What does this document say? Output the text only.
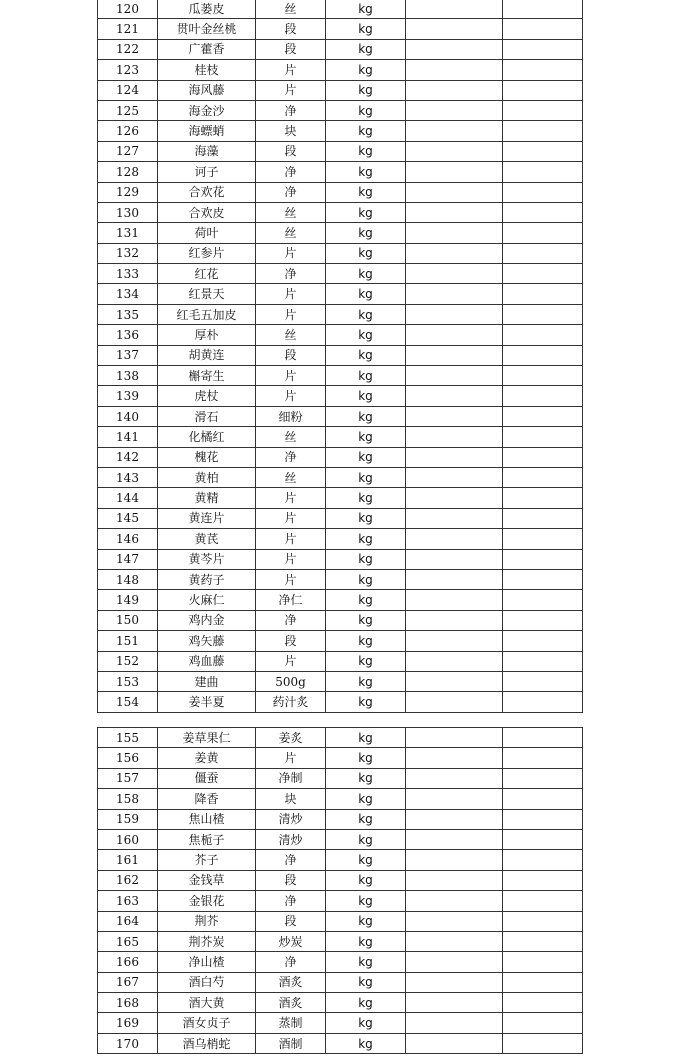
120	瓜蒌皮	丝	kg		
121	贯叶金丝桃	段	kg		
122	广藿香	段	kg		
123	桂枝	片	kg		
124	海风藤	片	kg		
125	海金沙	净	kg		
126	海螵蛸	块	kg		
127	海藻	段	kg		
128	诃子	净	kg		
129	合欢花	净	kg		
130	合欢皮	丝	kg		
131	荷叶	丝	kg		
132	红参片	片	kg		
133	红花	净	kg		
134	红景天	片	kg		
135	红毛五加皮	片	kg		
136	厚朴	丝	kg		
137	胡黄连	段	kg		
138	槲寄生	片	kg		
139	虎杖	片	kg		
140	滑石	细粉	kg		
141	化橘红	丝	kg		
142	槐花	净	kg		
143	黄柏	丝	kg		
144	黄精	片	kg		
145	黄连片	片	kg		
146	黄芪	片	kg		
147	黄芩片	片	kg		
148	黄药子	片	kg		
149	火麻仁	净仁	kg		
150	鸡内金	净	kg		
151	鸡矢藤	段	kg		
152	鸡血藤	片	kg		
153	建曲	500g	kg		
154	姜半夏	药汁炙	kg		
155	姜草果仁	姜炙	kg		
156	姜黄	片	kg		
157	僵蚕	净制	kg		
158	降香	块	kg		
159	焦山楂	清炒	kg		
160	焦栀子	清炒	kg		
161	芥子	净	kg		
162	金钱草	段	kg		
163	金银花	净	kg		
164	荆芥	段	kg		
165	荆芥炭	炒炭	kg		
166	净山楂	净	kg		
167	酒白芍	酒炙	kg		
168	酒大黄	酒炙	kg		
169	酒女贞子	蒸制	kg		
170	酒乌梢蛇	酒制	kg		
